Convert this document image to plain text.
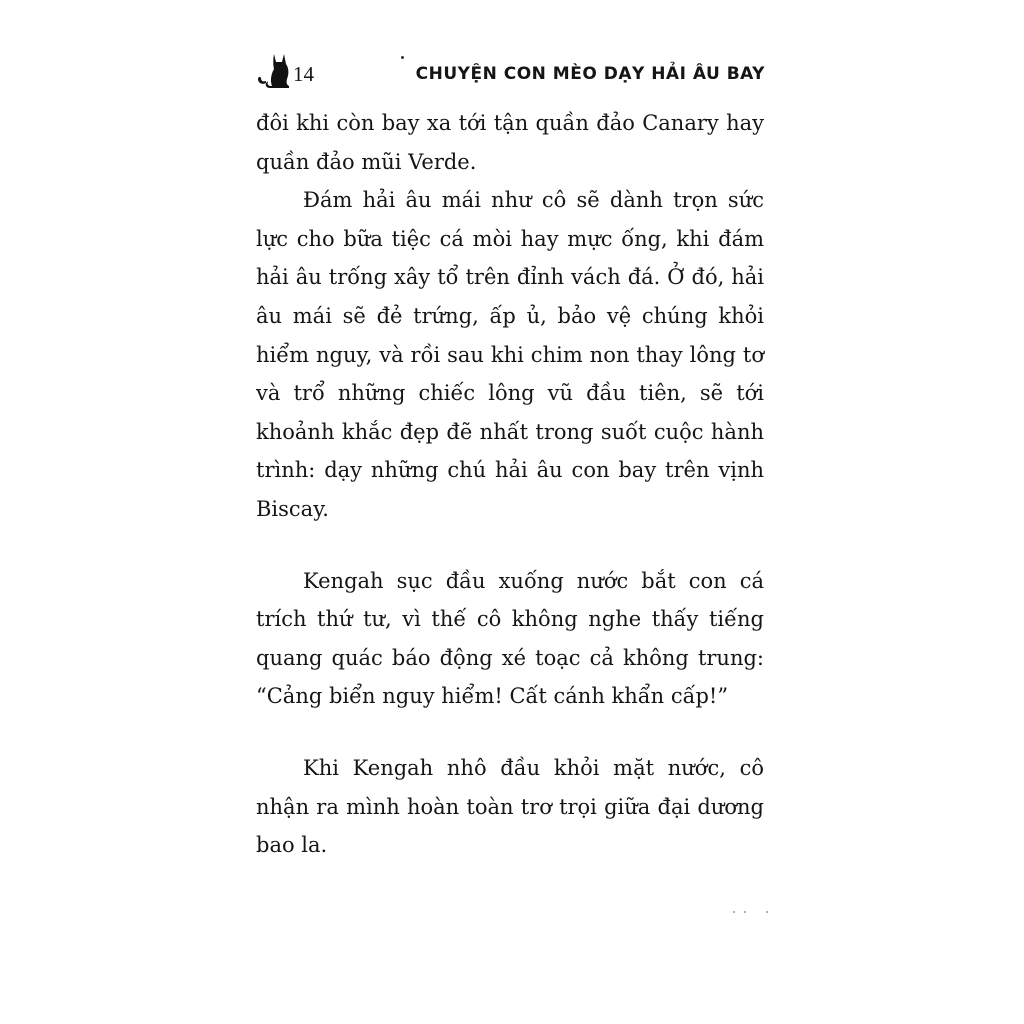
14	CHUYỆN CON MÈO DẠY HẢI ÂU BAY

đôi khi còn bay xa tới tận quần đảo Canary hay quần đảo mũi Verde.

Đám hải âu mái như cô sẽ dành trọn sức lực cho bữa tiệc cá mòi hay mực ống, khi đám hải âu trống xây tổ trên đỉnh vách đá. Ở đó, hải âu mái sẽ đẻ trứng, ấp ủ, bảo vệ chúng khỏi hiểm nguy, và rồi sau khi chim non thay lông tơ và trổ những chiếc lông vũ đầu tiên, sẽ tới khoảnh khắc đẹp đẽ nhất trong suốt cuộc hành trình: dạy những chú hải âu con bay trên vịnh Biscay.

Kengah sục đầu xuống nước bắt con cá trích thứ tư, vì thế cô không nghe thấy tiếng quang quác báo động xé toạc cả không trung: “Cảng biển nguy hiểm! Cất cánh khẩn cấp!”

Khi Kengah nhô đầu khỏi mặt nước, cô nhận ra mình hoàn toàn trơ trọi giữa đại dương bao la.
